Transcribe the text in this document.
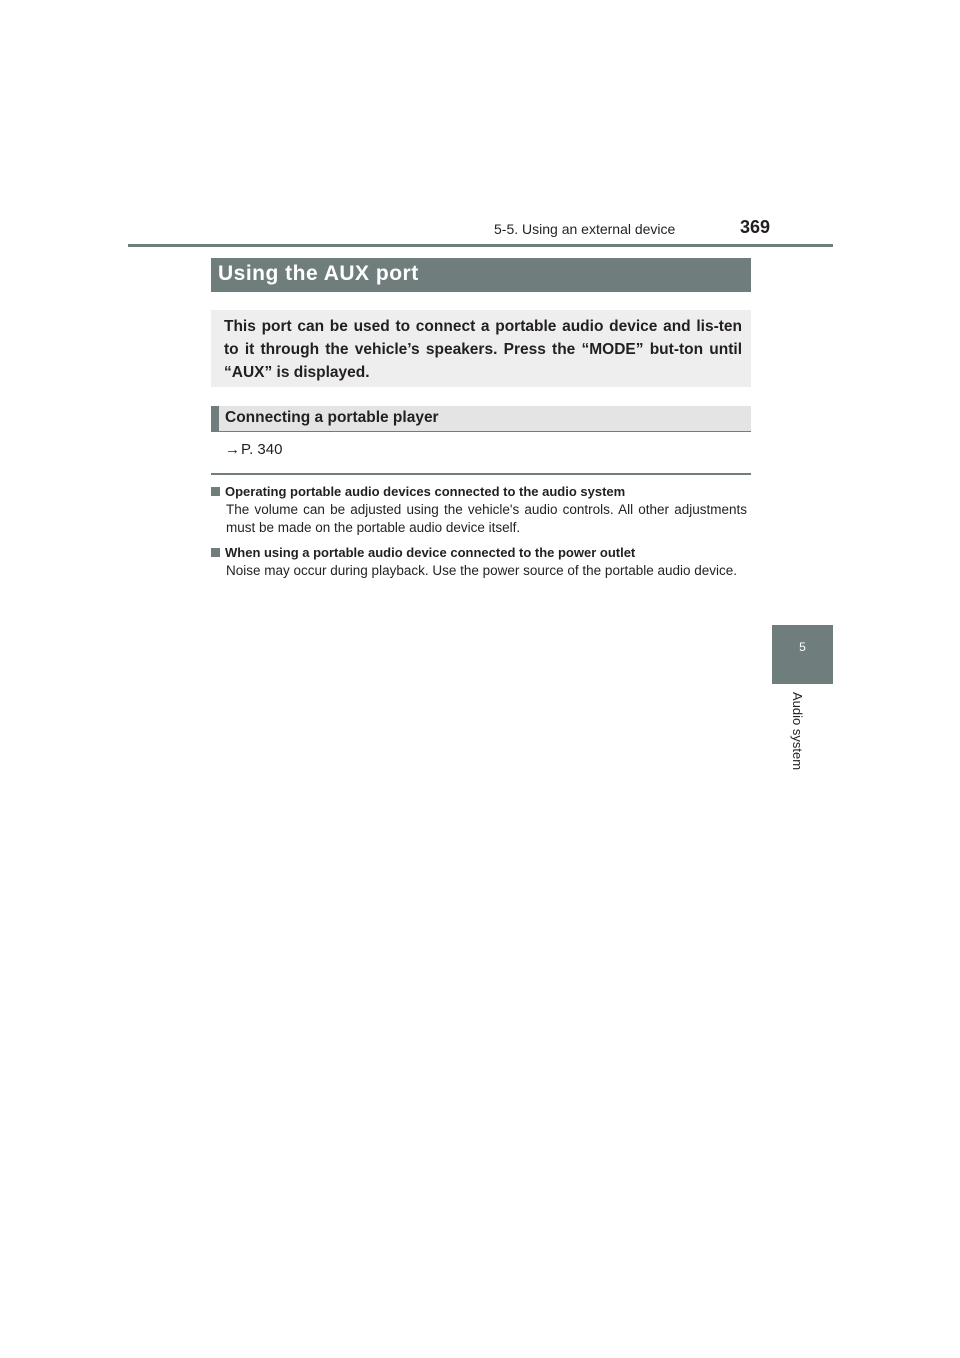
5-5. Using an external device	369
5
Audio system
Using the AUX port
This port can be used to connect a portable audio device and lis-ten to it through the vehicle’s speakers. Press the “MODE” but-ton until “AUX” is displayed.
Connecting a portable player
→P. 340
Operating portable audio devices connected to the audio system
The volume can be adjusted using the vehicle's audio controls. All other adjustments must be made on the portable audio device itself.
When using a portable audio device connected to the power outlet
Noise may occur during playback. Use the power source of the portable audio device.
